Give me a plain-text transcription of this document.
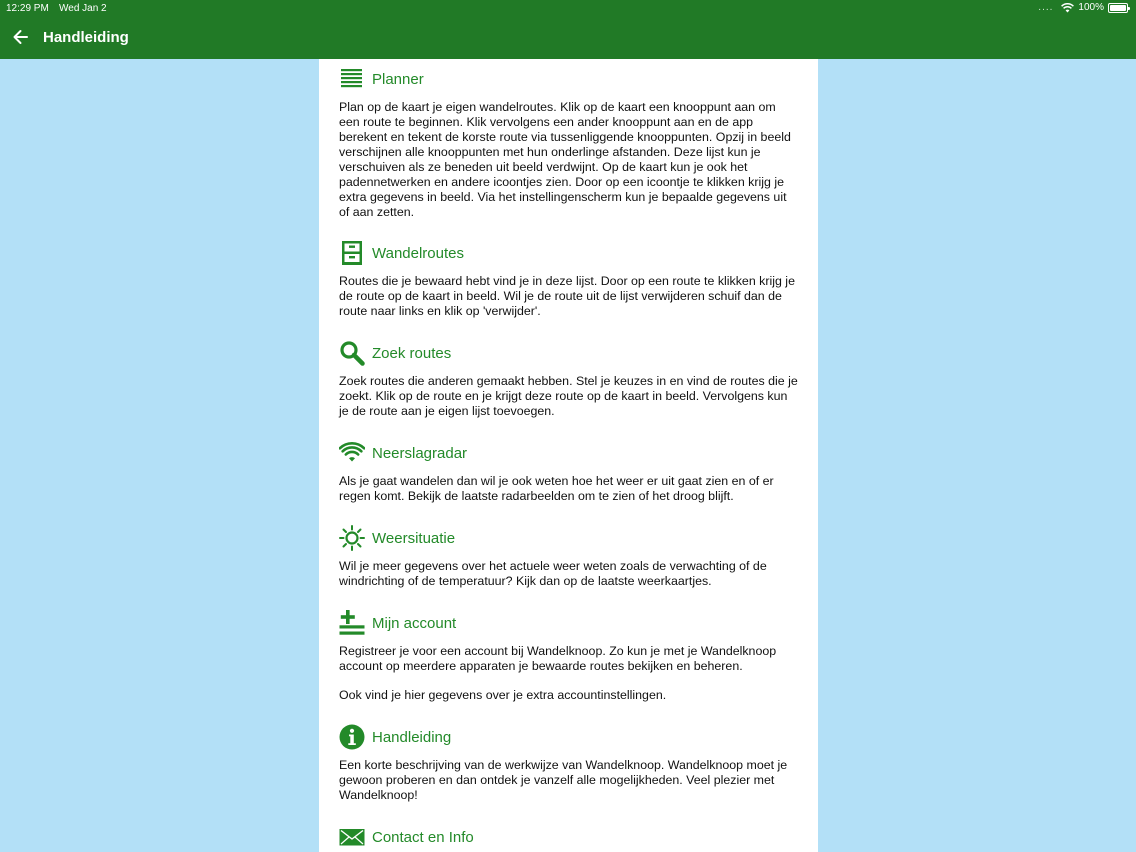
12:29 PM Wed Jan 2	....	100%
Handleiding
Planner

Plan op de kaart je eigen wandelroutes. Klik op de kaart een knooppunt aan om een route te beginnen. Klik vervolgens een ander knooppunt aan en de app berekent en tekent de korste route via tussenliggende knooppunten. Opzij in beeld verschijnen alle knooppunten met hun onderlinge afstanden. Deze lijst kun je verschuiven als ze beneden uit beeld verdwijnt. Op de kaart kun je ook het padennetwerken en andere icoontjes zien. Door op een icoontje te klikken krijg je extra gegevens in beeld. Via het instellingenscherm kun je bepaalde gegevens uit of aan zetten.

Wandelroutes

Routes die je bewaard hebt vind je in deze lijst. Door op een route te klikken krijg je de route op de kaart in beeld. Wil je de route uit de lijst verwijderen schuif dan de route naar links en klik op 'verwijder'.

Zoek routes

Zoek routes die anderen gemaakt hebben. Stel je keuzes in en vind de routes die je zoekt. Klik op de route en je krijgt deze route op de kaart in beeld. Vervolgens kun je de route aan je eigen lijst toevoegen.

Neerslagradar

Als je gaat wandelen dan wil je ook weten hoe het weer er uit gaat zien en of er regen komt. Bekijk de laatste radarbeelden om te zien of het droog blijft.

Weersituatie

Wil je meer gegevens over het actuele weer weten zoals de verwachting of de windrichting of de temperatuur? Kijk dan op de laatste weerkaartjes.

Mijn account

Registreer je voor een account bij Wandelknoop. Zo kun je met je Wandelknoop account op meerdere apparaten je bewaarde routes bekijken en beheren.

Ook vind je hier gegevens over je extra accountinstellingen.

Handleiding

Een korte beschrijving van de werkwijze van Wandelknoop. Wandelknoop moet je gewoon proberen en dan ontdek je vanzelf alle mogelijkheden. Veel plezier met Wandelknoop!

Contact en Info
